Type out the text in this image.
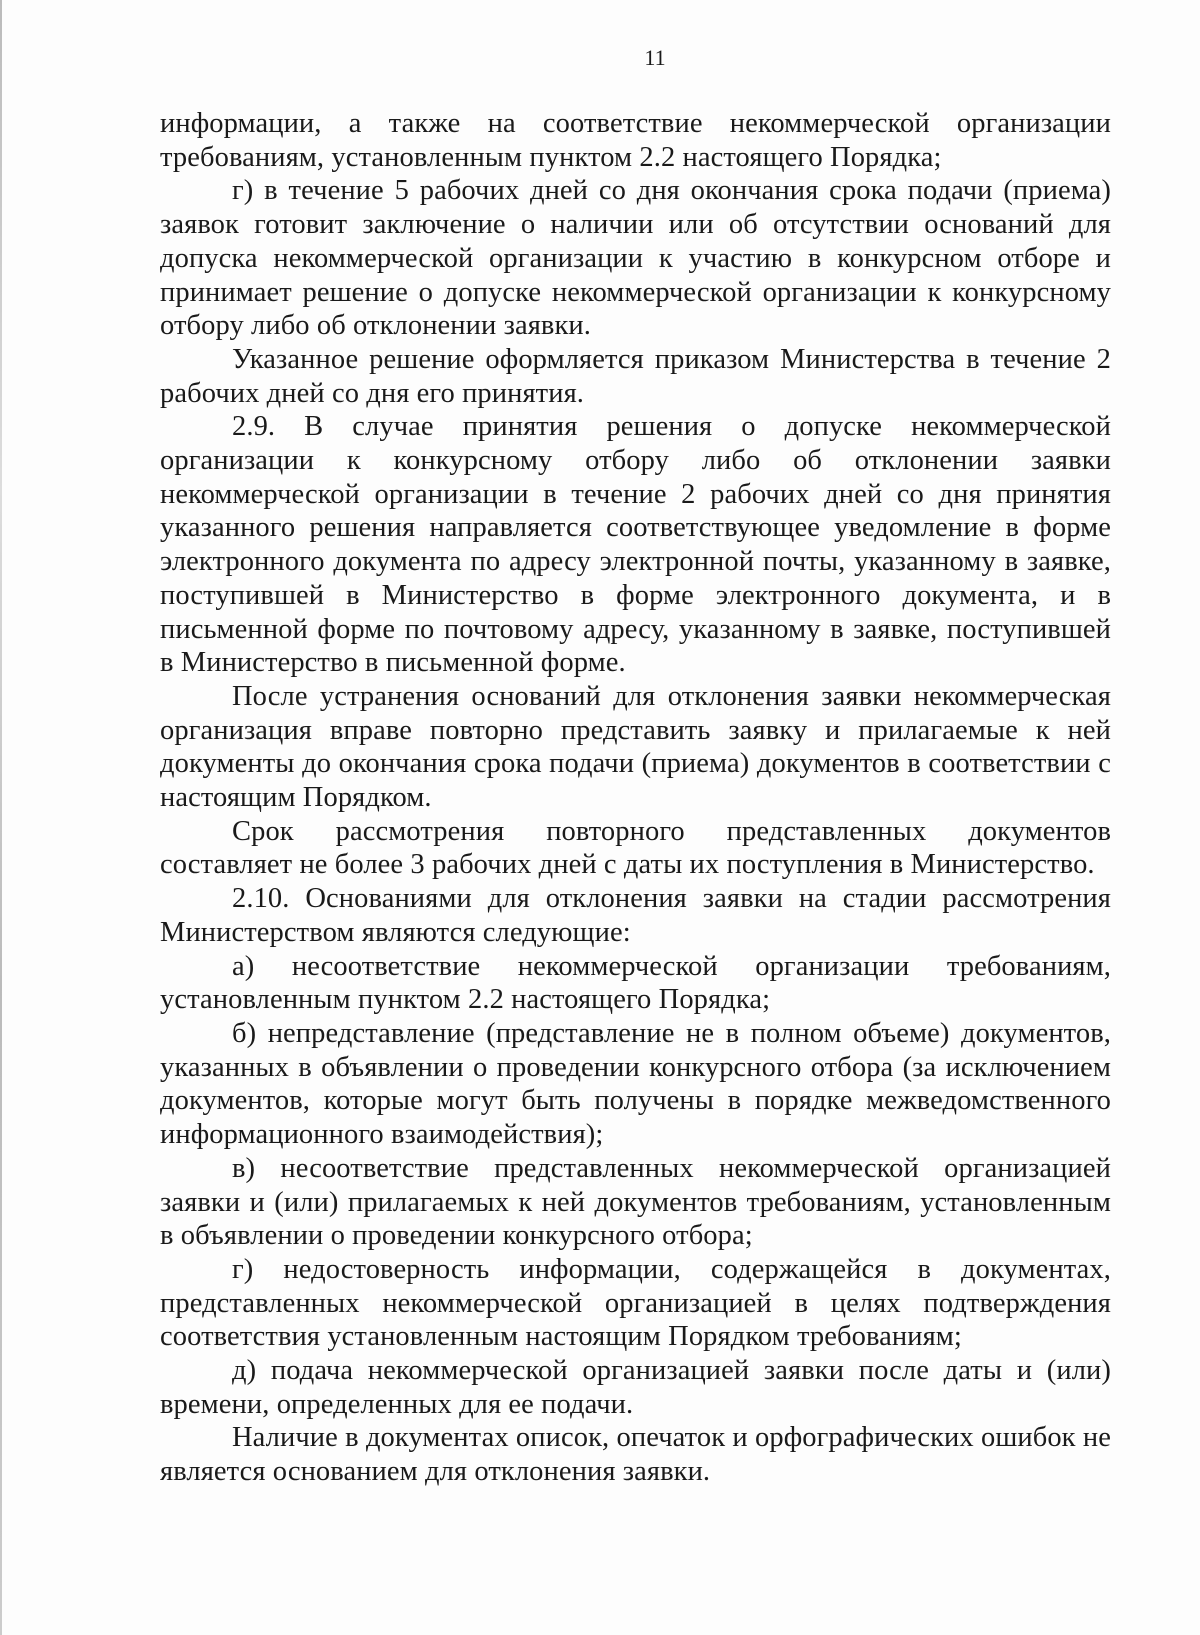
11

информации, а также на соответствие некоммерческой организации требованиям, установленным пунктом 2.2 настоящего Порядка;

г) в течение 5 рабочих дней со дня окончания срока подачи (приема) заявок готовит заключение о наличии или об отсутствии оснований для допуска некоммерческой организации к участию в конкурсном отборе и принимает решение о допуске некоммерческой организации к конкурсному отбору либо об отклонении заявки.

Указанное решение оформляется приказом Министерства в течение 2 рабочих дней со дня его принятия.

2.9. В случае принятия решения о допуске некоммерческой организации к конкурсному отбору либо об отклонении заявки некоммерческой организации в течение 2 рабочих дней со дня принятия указанного решения направляется соответствующее уведомление в форме электронного документа по адресу электронной почты, указанному в заявке, поступившей в Министерство в форме электронного документа, и в письменной форме по почтовому адресу, указанному в заявке, поступившей в Министерство в письменной форме.

После устранения оснований для отклонения заявки некоммерческая организация вправе повторно представить заявку и прилагаемые к ней документы до окончания срока подачи (приема) документов в соответствии с настоящим Порядком.

Срок рассмотрения повторного представленных документов составляет не более 3 рабочих дней с даты их поступления в Министерство.

2.10. Основаниями для отклонения заявки на стадии рассмотрения Министерством являются следующие:

а) несоответствие некоммерческой организации требованиям, установленным пунктом 2.2 настоящего Порядка;

б) непредставление (представление не в полном объеме) документов, указанных в объявлении о проведении конкурсного отбора (за исключением документов, которые могут быть получены в порядке межведомственного информационного взаимодействия);

в) несоответствие представленных некоммерческой организацией заявки и (или) прилагаемых к ней документов требованиям, установленным в объявлении о проведении конкурсного отбора;

г) недостоверность информации, содержащейся в документах, представленных некоммерческой организацией в целях подтверждения соответствия установленным настоящим Порядком требованиям;

д) подача некоммерческой организацией заявки после даты и (или) времени, определенных для ее подачи.

Наличие в документах описок, опечаток и орфографических ошибок не является основанием для отклонения заявки.
